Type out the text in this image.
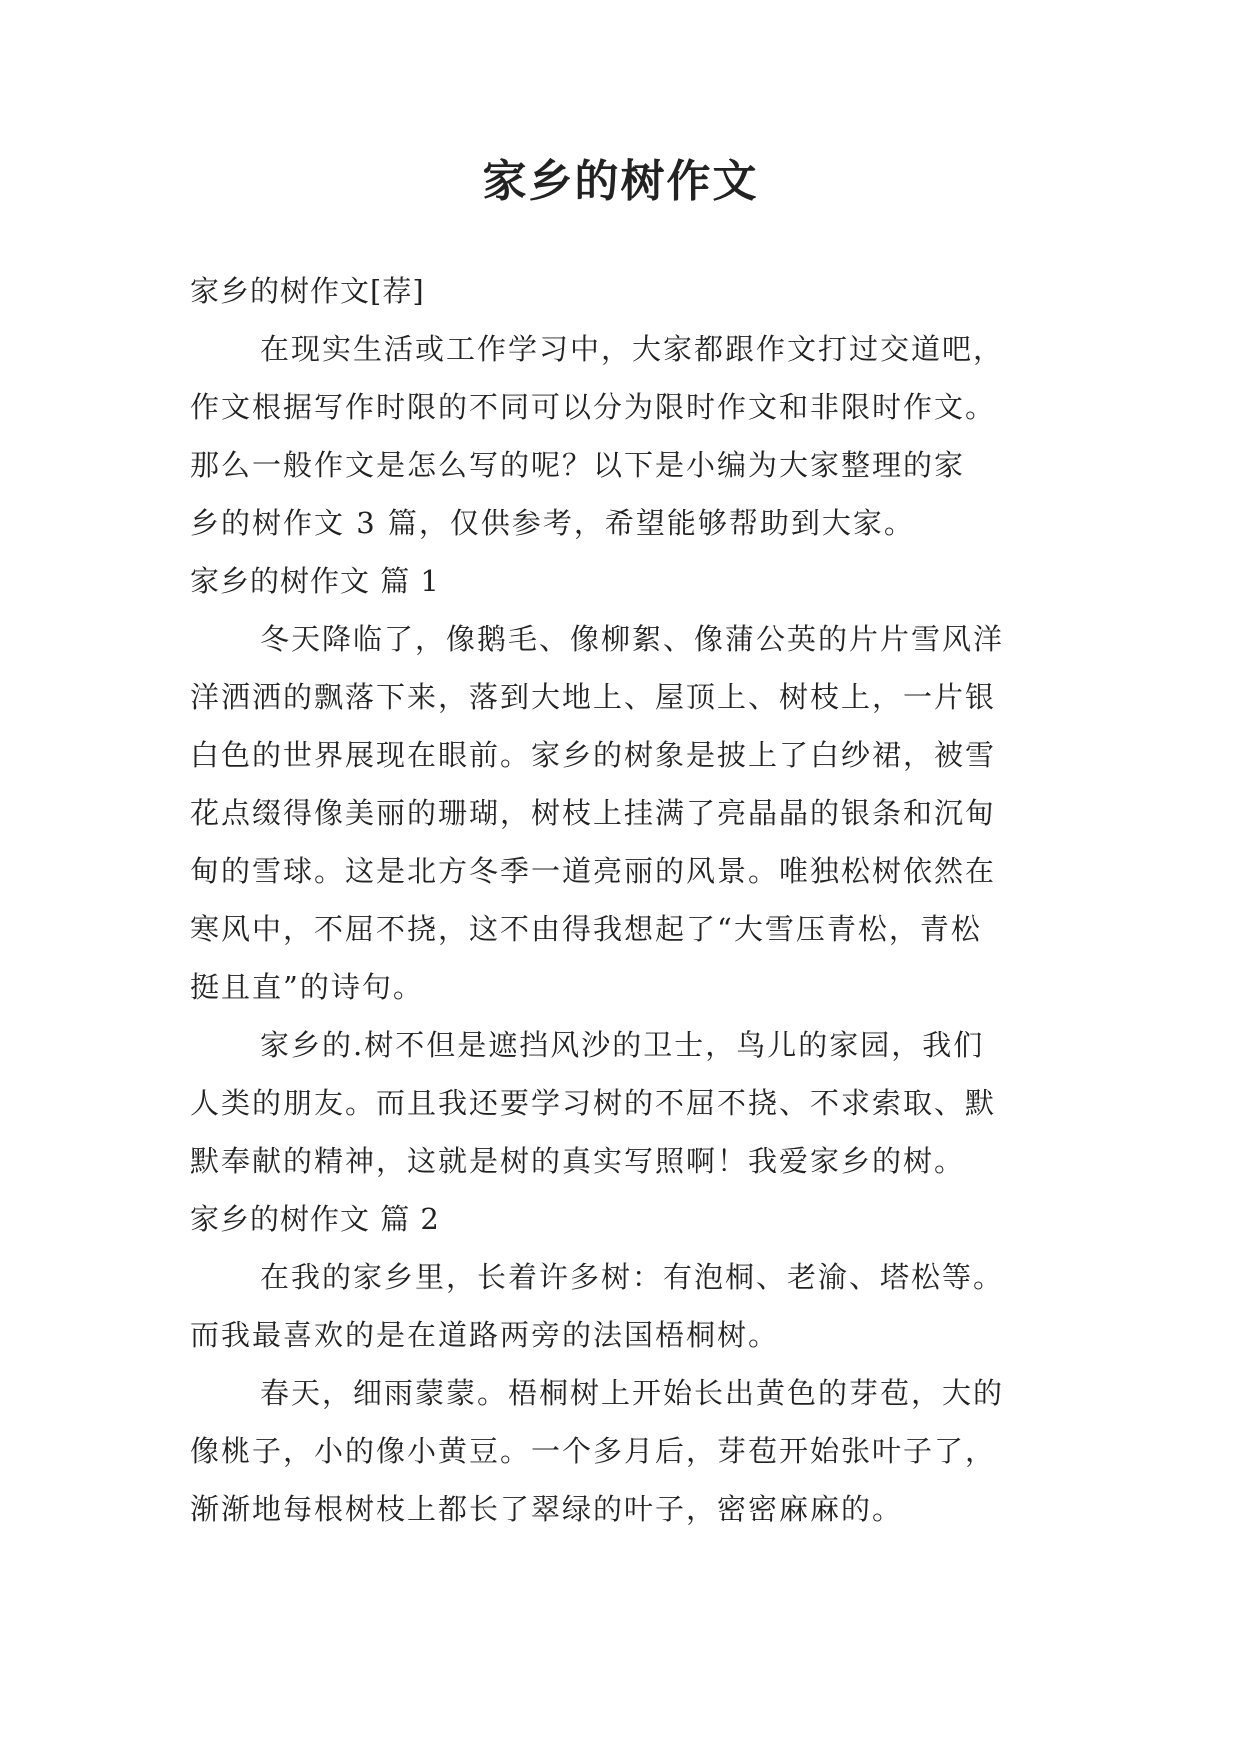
家乡的树作文

家乡的树作文[荐]

在现实生活或工作学习中，大家都跟作文打过交道吧，

作文根据写作时限的不同可以分为限时作文和非限时作文。

那么一般作文是怎么写的呢？以下是小编为大家整理的家

乡的树作文 3 篇，仅供参考，希望能够帮助到大家。

家乡的树作文 篇 1

冬天降临了，像鹅毛、像柳絮、像蒲公英的片片雪风洋

洋洒洒的飘落下来，落到大地上、屋顶上、树枝上，一片银

白色的世界展现在眼前。家乡的树象是披上了白纱裙，被雪

花点缀得像美丽的珊瑚，树枝上挂满了亮晶晶的银条和沉甸

甸的雪球。这是北方冬季一道亮丽的风景。唯独松树依然在

寒风中，不屈不挠，这不由得我想起了“大雪压青松，青松

挺且直”的诗句。

家乡的.树不但是遮挡风沙的卫士，鸟儿的家园，我们

人类的朋友。而且我还要学习树的不屈不挠、不求索取、默

默奉献的精神，这就是树的真实写照啊！我爱家乡的树。

家乡的树作文 篇 2

在我的家乡里，长着许多树：有泡桐、老渝、塔松等。

而我最喜欢的是在道路两旁的法国梧桐树。

春天，细雨蒙蒙。梧桐树上开始长出黄色的芽苞，大的

像桃子，小的像小黄豆。一个多月后，芽苞开始张叶子了，

渐渐地每根树枝上都长了翠绿的叶子，密密麻麻的。
